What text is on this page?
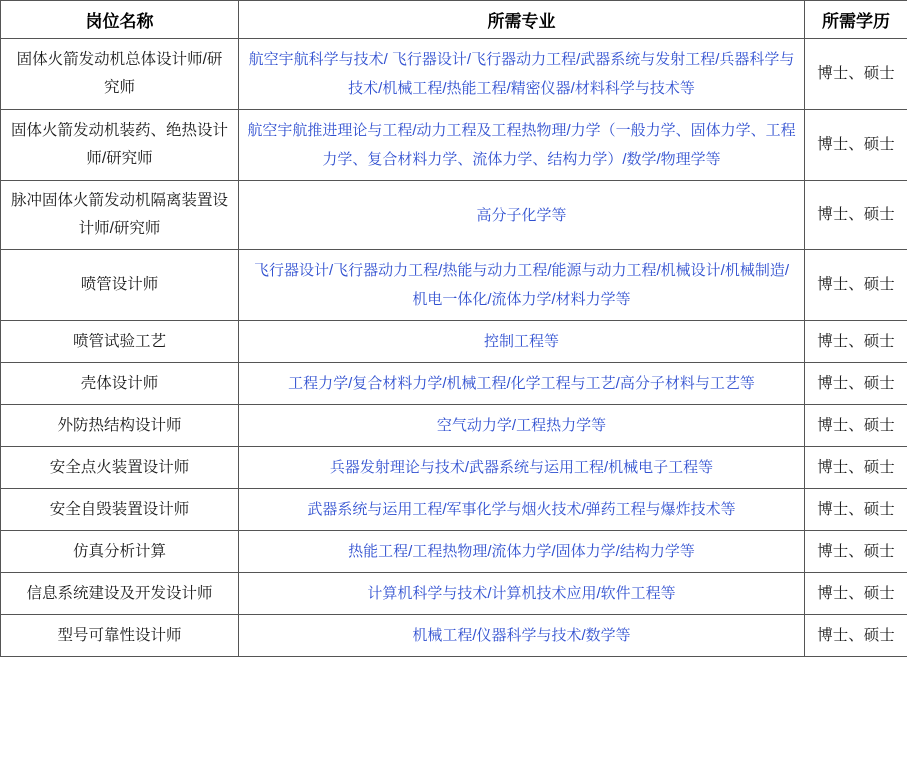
岗位名称	所需专业	所需学历
固体火箭发动机总体设计师/研究师	航空宇航科学与技术/ 飞行器设计/飞行器动力工程/武器系统与发射工程/兵器科学与技术/机械工程/热能工程/精密仪器/材料科学与技术等	博士、硕士
固体火箭发动机装药、绝热设计师/研究师	航空宇航推进理论与工程/动力工程及工程热物理/力学（一般力学、固体力学、工程力学、复合材料力学、流体力学、结构力学）/数学/物理学等	博士、硕士
脉冲固体火箭发动机隔离装置设计师/研究师	高分子化学等	博士、硕士
喷管设计师	飞行器设计/飞行器动力工程/热能与动力工程/能源与动力工程/机械设计/机械制造/机电一体化/流体力学/材料力学等	博士、硕士
喷管试验工艺	控制工程等	博士、硕士
壳体设计师	工程力学/复合材料力学/机械工程/化学工程与工艺/高分子材料与工艺等	博士、硕士
外防热结构设计师	空气动力学/工程热力学等	博士、硕士
安全点火装置设计师	兵器发射理论与技术/武器系统与运用工程/机械电子工程等	博士、硕士
安全自毁装置设计师	武器系统与运用工程/军事化学与烟火技术/弹药工程与爆炸技术等	博士、硕士
仿真分析计算	热能工程/工程热物理/流体力学/固体力学/结构力学等	博士、硕士
信息系统建设及开发设计师	计算机科学与技术/计算机技术应用/软件工程等	博士、硕士
型号可靠性设计师	机械工程/仪器科学与技术/数学等	博士、硕士
